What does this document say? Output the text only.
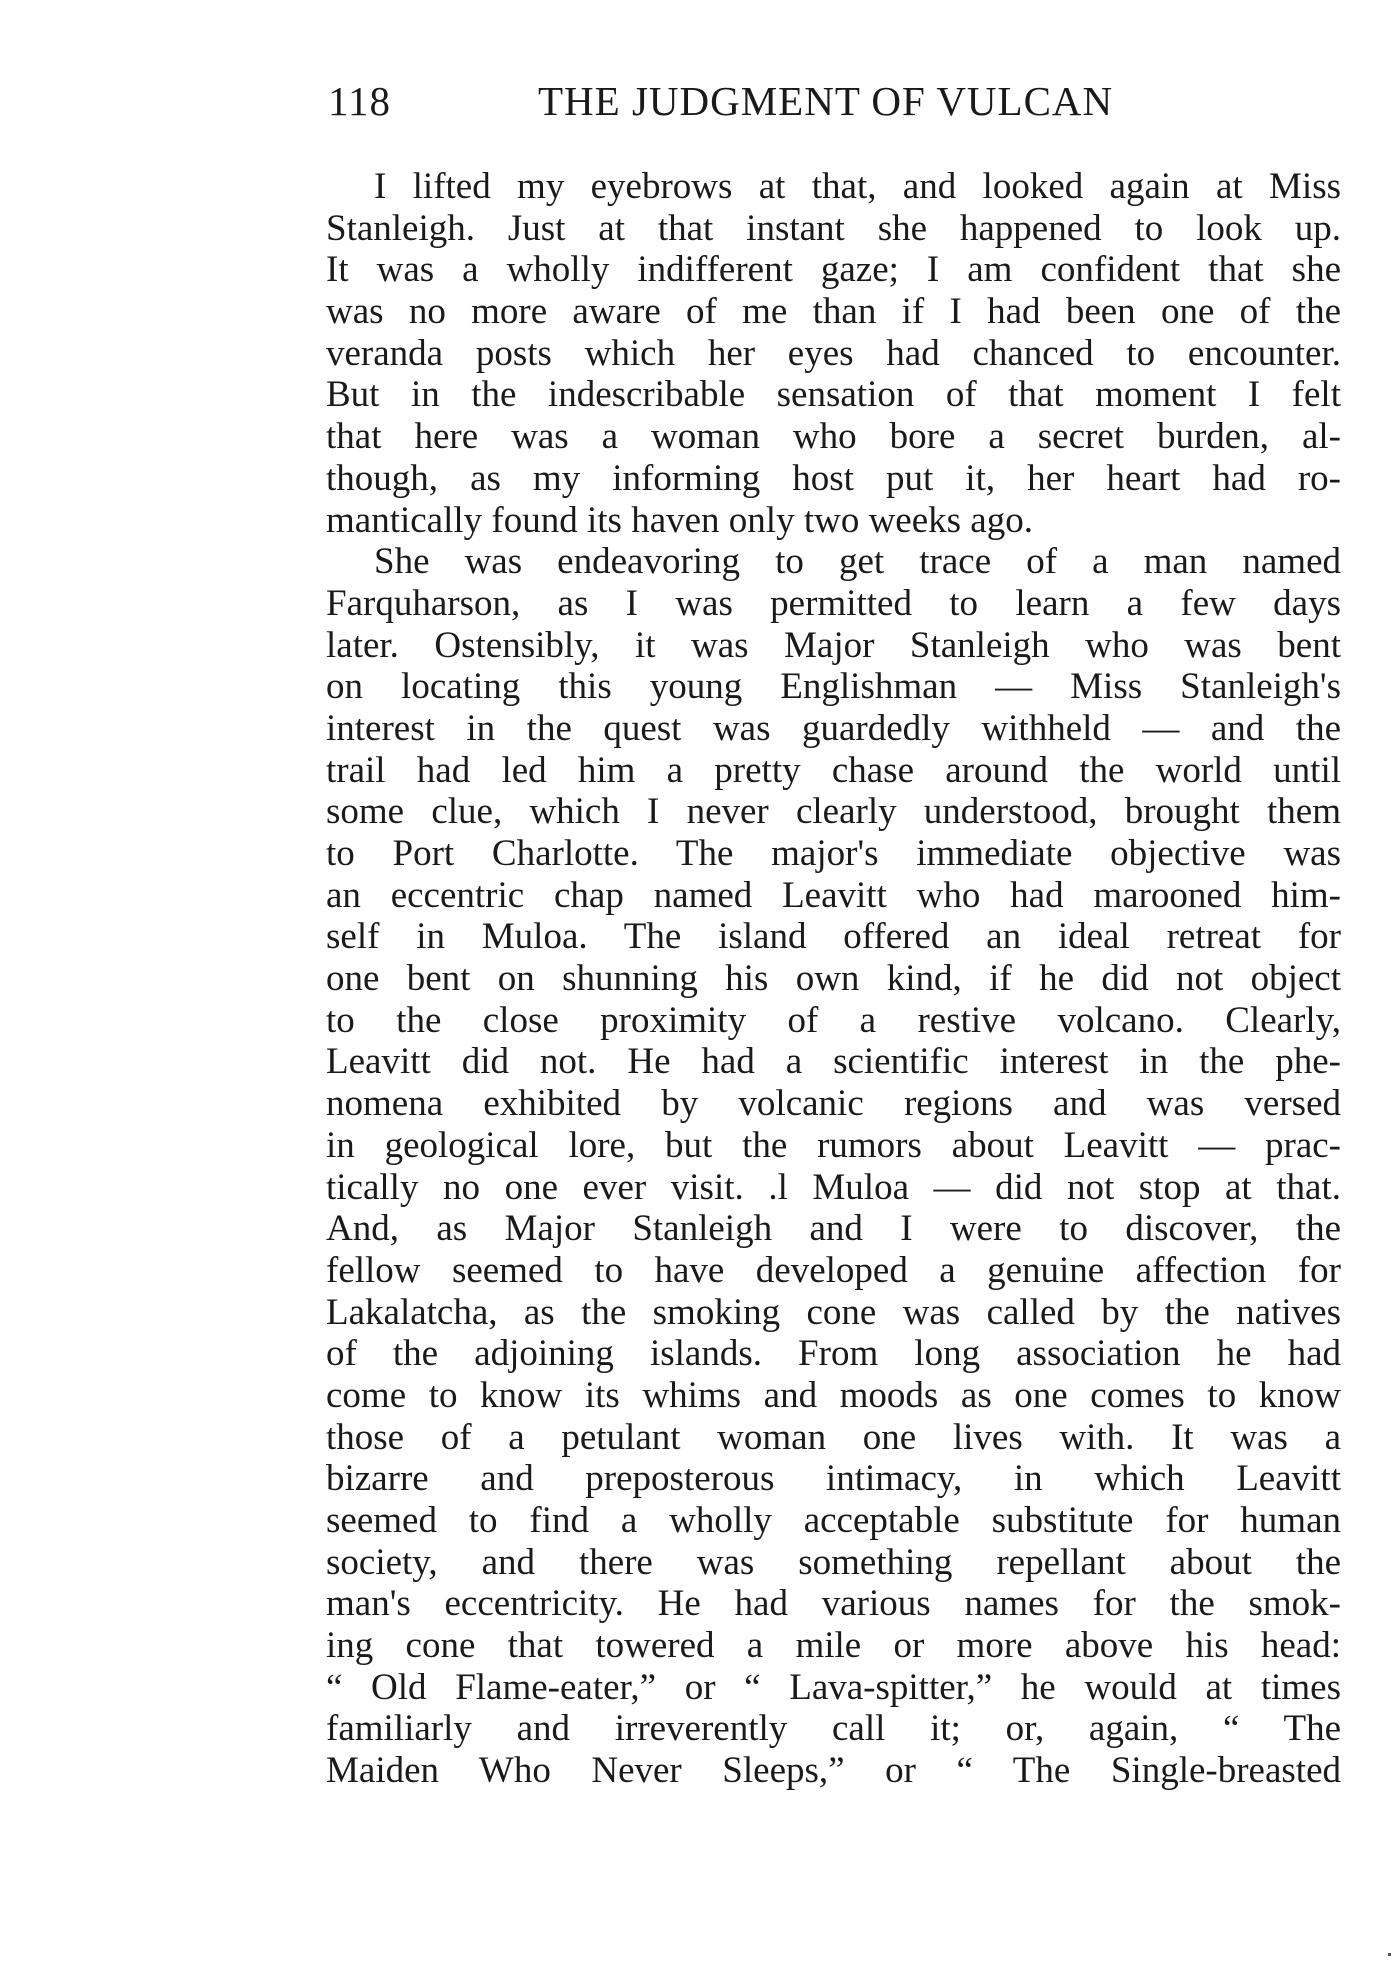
118	THE JUDGMENT OF VULCAN
I lifted my eyebrows at that, and looked again at Miss
Stanleigh. Just at that instant she happened to look up.
It was a wholly indifferent gaze; I am confident that she
was no more aware of me than if I had been one of the
veranda posts which her eyes had chanced to encounter.
But in the indescribable sensation of that moment I felt
that here was a woman who bore a secret burden, al-
though, as my informing host put it, her heart had ro-
mantically found its haven only two weeks ago.
She was endeavoring to get trace of a man named
Farquharson, as I was permitted to learn a few days
later. Ostensibly, it was Major Stanleigh who was bent
on locating this young Englishman — Miss Stanleigh's
interest in the quest was guardedly withheld — and the
trail had led him a pretty chase around the world until
some clue, which I never clearly understood, brought them
to Port Charlotte. The major's immediate objective was
an eccentric chap named Leavitt who had marooned him-
self in Muloa. The island offered an ideal retreat for
one bent on shunning his own kind, if he did not object
to the close proximity of a restive volcano. Clearly,
Leavitt did not. He had a scientific interest in the phe-
nomena exhibited by volcanic regions and was versed
in geological lore, but the rumors about Leavitt — prac-
tically no one ever visit. .l Muloa — did not stop at that.
And, as Major Stanleigh and I were to discover, the
fellow seemed to have developed a genuine affection for
Lakalatcha, as the smoking cone was called by the natives
of the adjoining islands. From long association he had
come to know its whims and moods as one comes to know
those of a petulant woman one lives with. It was a
bizarre and preposterous intimacy, in which Leavitt
seemed to find a wholly acceptable substitute for human
society, and there was something repellant about the
man's eccentricity. He had various names for the smok-
ing cone that towered a mile or more above his head:
“ Old Flame-eater,” or “ Lava-spitter,” he would at times
familiarly and irreverently call it; or, again, “ The
Maiden Who Never Sleeps,” or “ The Single-breasted
